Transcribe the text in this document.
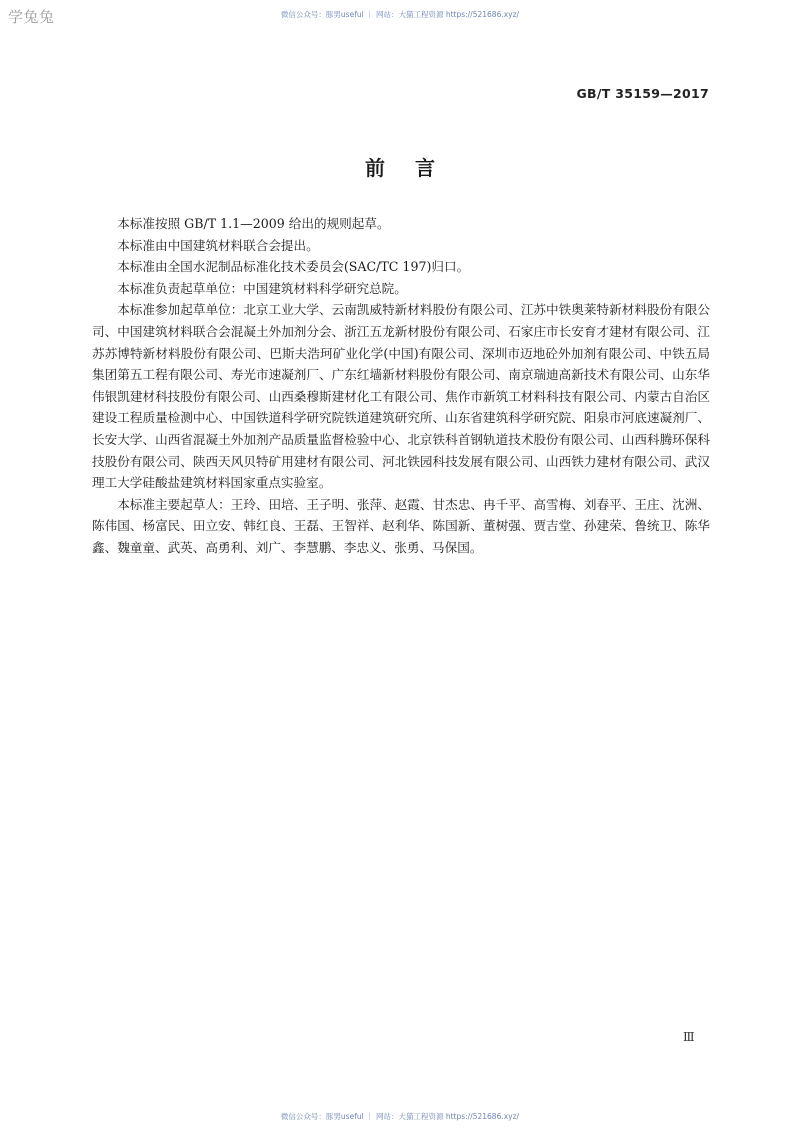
学兔兔	微信公众号：豚男useful ｜ 网站：大猫工程资源 https://521686.xyz/
GB/T 35159—2017
前言

本标准按照 GB/T 1.1—2009 给出的规则起草。

本标准由中国建筑材料联合会提出。

本标准由全国水泥制品标准化技术委员会(SAC/TC 197)归口。

本标准负责起草单位：中国建筑材料科学研究总院。

本标准参加起草单位：北京工业大学、云南凯威特新材料股份有限公司、江苏中铁奥莱特新材料股份有限公司、中国建筑材料联合会混凝土外加剂分会、浙江五龙新材股份有限公司、石家庄市长安育才建材有限公司、江苏苏博特新材料股份有限公司、巴斯夫浩珂矿业化学(中国)有限公司、深圳市迈地砼外加剂有限公司、中铁五局集团第五工程有限公司、寿光市速凝剂厂、广东红墙新材料股份有限公司、南京瑞迪高新技术有限公司、山东华伟银凯建材科技股份有限公司、山西桑穆斯建材化工有限公司、焦作市新筑工材料科技有限公司、内蒙古自治区建设工程质量检测中心、中国铁道科学研究院铁道建筑研究所、山东省建筑科学研究院、阳泉市河底速凝剂厂、长安大学、山西省混凝土外加剂产品质量监督检验中心、北京铁科首钢轨道技术股份有限公司、山西科腾环保科技股份有限公司、陕西天风贝特矿用建材有限公司、河北铁园科技发展有限公司、山西铁力建材有限公司、武汉理工大学硅酸盐建筑材料国家重点实验室。

本标准主要起草人：王玲、田培、王子明、张萍、赵霞、甘杰忠、冉千平、高雪梅、刘春平、王庄、沈洲、陈伟国、杨富民、田立安、韩红良、王磊、王智祥、赵利华、陈国新、董树强、贾吉堂、孙建荣、鲁统卫、陈华鑫、魏童童、武英、高勇利、刘广、李慧鹏、李忠义、张勇、马保国。

Ⅲ
微信公众号：豚男useful ｜ 网站：大猫工程资源 https://521686.xyz/
